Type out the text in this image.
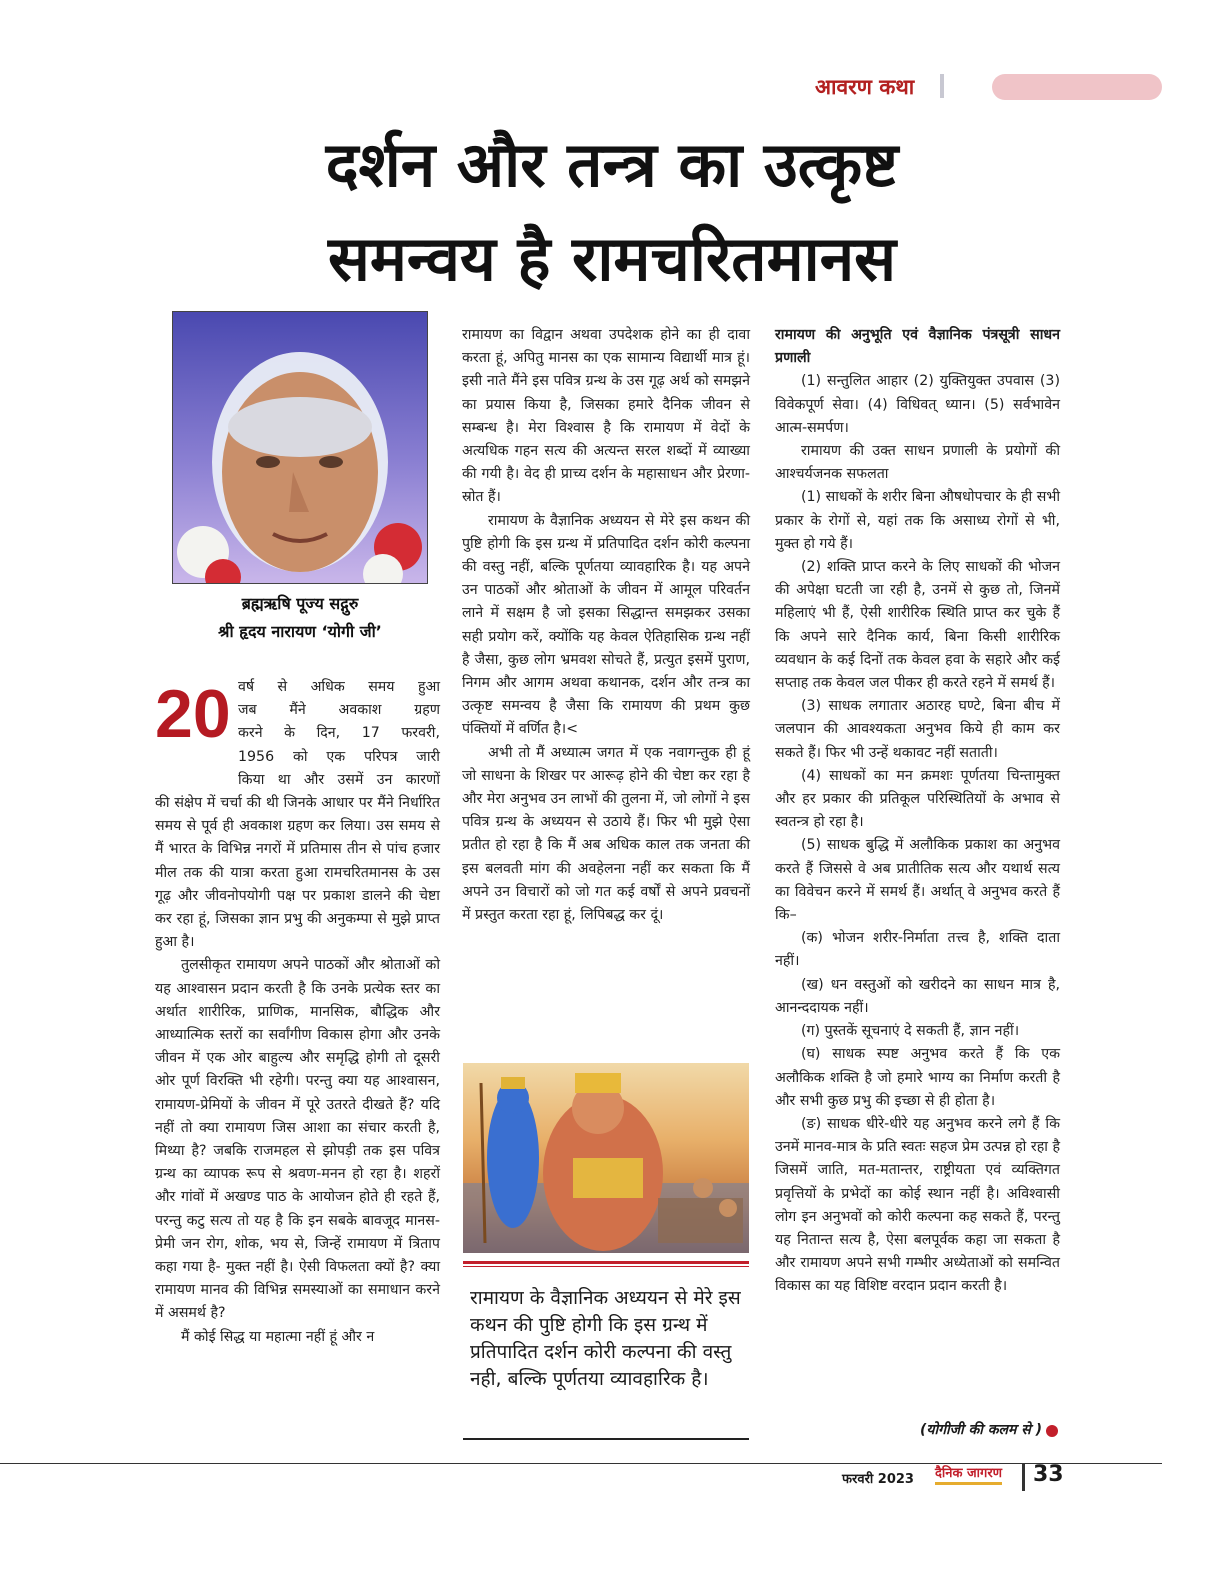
आवरण कथा
दर्शन और तन्त्र का उत्कृष्ट
समन्वय है रामचरितमानस
ब्रह्मऋषि पूज्य सद्गुरु
श्री हृदय नारायण ‘योगी जी’
20 वर्ष से अधिक समय हुआ

जब मैंने अवकाश ग्रहण

करने के दिन, 17 फरवरी,

1956 को एक परिपत्र जारी

किया था और उसमें उन कारणों

की संक्षेप में चर्चा की थी जिनके आधार पर मैंने निर्धारित समय से पूर्व ही अवकाश ग्रहण कर लिया। उस समय से मैं भारत के विभिन्न नगरों में प्रतिमास तीन से पांच हजार मील तक की यात्रा करता हुआ रामचरितमानस के उस गूढ़ और जीवनोपयोगी पक्ष पर प्रकाश डालने की चेष्टा कर रहा हूं, जिसका ज्ञान प्रभु की अनुकम्पा से मुझे प्राप्त हुआ है।

तुलसीकृत रामायण अपने पाठकों और श्रोताओं को यह आश्वासन प्रदान करती है कि उनके प्रत्येक स्तर का अर्थात शारीरिक, प्राणिक, मानसिक, बौद्धिक और आध्यात्मिक स्तरों का सर्वांगीण विकास होगा और उनके जीवन में एक ओर बाहुल्य और समृद्धि होगी तो दूसरी ओर पूर्ण विरक्ति भी रहेगी। परन्तु क्या यह आश्वासन, रामायण-प्रेमियों के जीवन में पूरे उतरते दीखते हैं? यदि नहीं तो क्या रामायण जिस आशा का संचार करती है, मिथ्या है? जबकि राजमहल से झोपड़ी तक इस पवित्र ग्रन्थ का व्यापक रूप से श्रवण-मनन हो रहा है। शहरों और गांवों में अखण्ड पाठ के आयोजन होते ही रहते हैं, परन्तु कटु सत्य तो यह है कि इन सबके बावजूद मानस-प्रेमी जन रोग, शोक, भय से, जिन्हें रामायण में त्रिताप कहा गया है- मुक्त नहीं है। ऐसी विफलता क्यों है? क्या रामायण मानव की विभिन्न समस्याओं का समाधान करने में असमर्थ है?

मैं कोई सिद्ध या महात्मा नहीं हूं और न

रामायण का विद्वान अथवा उपदेशक होने का ही दावा करता हूं, अपितु मानस का एक सामान्य विद्यार्थी मात्र हूं। इसी नाते मैंने इस पवित्र ग्रन्थ के उस गूढ़ अर्थ को समझने का प्रयास किया है, जिसका हमारे दैनिक जीवन से सम्बन्ध है। मेरा विश्वास है कि रामायण में वेदों के अत्यधिक गहन सत्य की अत्यन्त सरल शब्दों में व्याख्या की गयी है। वेद ही प्राच्य दर्शन के महासाधन और प्रेरणा-स्रोत हैं।

रामायण के वैज्ञानिक अध्ययन से मेरे इस कथन की पुष्टि होगी कि इस ग्रन्थ में प्रतिपादित दर्शन कोरी कल्पना की वस्तु नहीं, बल्कि पूर्णतया व्यावहारिक है। यह अपने उन पाठकों और श्रोताओं के जीवन में आमूल परिवर्तन लाने में सक्षम है जो इसका सिद्धान्त समझकर उसका सही प्रयोग करें, क्योंकि यह केवल ऐतिहासिक ग्रन्थ नहीं है जैसा, कुछ लोग भ्रमवश सोचते हैं, प्रत्युत इसमें पुराण, निगम और आगम अथवा कथानक, दर्शन और तन्त्र का उत्कृष्ट समन्वय है जैसा कि रामायण की प्रथम कुछ पंक्तियों में वर्णित है।<

अभी तो मैं अध्यात्म जगत में एक नवागन्तुक ही हूं जो साधना के शिखर पर आरूढ़ होने की चेष्टा कर रहा है और मेरा अनुभव उन लाभों की तुलना में, जो लोगों ने इस पवित्र ग्रन्थ के अध्ययन से उठाये हैं। फिर भी मुझे ऐसा प्रतीत हो रहा है कि मैं अब अधिक काल तक जनता की इस बलवती मांग की अवहेलना नहीं कर सकता कि मैं अपने उन विचारों को जो गत कई वर्षों से अपने प्रवचनों में प्रस्तुत करता रहा हूं, लिपिबद्ध कर दूं।

रामायण के वैज्ञानिक अध्ययन से मेरे इस कथन की पुष्टि होगी कि इस ग्रन्थ में प्रतिपादित दर्शन कोरी कल्पना की वस्तु नही, बल्कि पूर्णतया व्यावहारिक है।

रामायण की अनुभूति एवं वैज्ञानिक पंत्रसूत्री साधन प्रणाली

(1) सन्तुलित आहार (2) युक्तियुक्त उपवास (3) विवेकपूर्ण सेवा। (4) विधिवत् ध्यान। (5) सर्वभावेन आत्म-समर्पण।

रामायण की उक्त साधन प्रणाली के प्रयोगों की आश्चर्यजनक सफलता

(1) साधकों के शरीर बिना औषधोपचार के ही सभी प्रकार के रोगों से, यहां तक कि असाध्य रोगों से भी, मुक्त हो गये हैं।

(2) शक्ति प्राप्त करने के लिए साधकों की भोजन की अपेक्षा घटती जा रही है, उनमें से कुछ तो, जिनमें महिलाएं भी हैं, ऐसी शारीरिक स्थिति प्राप्त कर चुके हैं कि अपने सारे दैनिक कार्य, बिना किसी शारीरिक व्यवधान के कई दिनों तक केवल हवा के सहारे और कई सप्ताह तक केवल जल पीकर ही करते रहने में समर्थ हैं।

(3) साधक लगातार अठारह घण्टे, बिना बीच में जलपान की आवश्यकता अनुभव किये ही काम कर सकते हैं। फिर भी उन्हें थकावट नहीं सताती।

(4) साधकों का मन क्रमशः पूर्णतया चिन्तामुक्त और हर प्रकार की प्रतिकूल परिस्थितियों के अभाव से स्वतन्त्र हो रहा है।

(5) साधक बुद्धि में अलौकिक प्रकाश का अनुभव करते हैं जिससे वे अब प्रातीतिक सत्य और यथार्थ सत्य का विवेचन करने में समर्थ हैं। अर्थात् वे अनुभव करते हैं कि–

(क) भोजन शरीर-निर्माता तत्त्व है, शक्ति दाता नहीं।

(ख) धन वस्तुओं को खरीदने का साधन मात्र है, आनन्ददायक नहीं।

(ग) पुस्तकें सूचनाएं दे सकती हैं, ज्ञान नहीं।

(घ) साधक स्पष्ट अनुभव करते हैं कि एक अलौकिक शक्ति है जो हमारे भाग्य का निर्माण करती है और सभी कुछ प्रभु की इच्छा से ही होता है।

(ङ) साधक धीरे-धीरे यह अनुभव करने लगे हैं कि उनमें मानव-मात्र के प्रति स्वतः सहज प्रेम उत्पन्न हो रहा है जिसमें जाति, मत-मतान्तर, राष्ट्रीयता एवं व्यक्तिगत प्रवृत्तियों के प्रभेदों का कोई स्थान नहीं है। अविश्वासी लोग इन अनुभवों को कोरी कल्पना कह सकते हैं, परन्तु यह नितान्त सत्य है, ऐसा बलपूर्वक कहा जा सकता है और रामायण अपने सभी गम्भीर अध्येताओं को समन्वित विकास का यह विशिष्ट वरदान प्रदान करती है।

(योगीजी की कलम से )
फरवरी 2023 दैनिक जागरण 33
